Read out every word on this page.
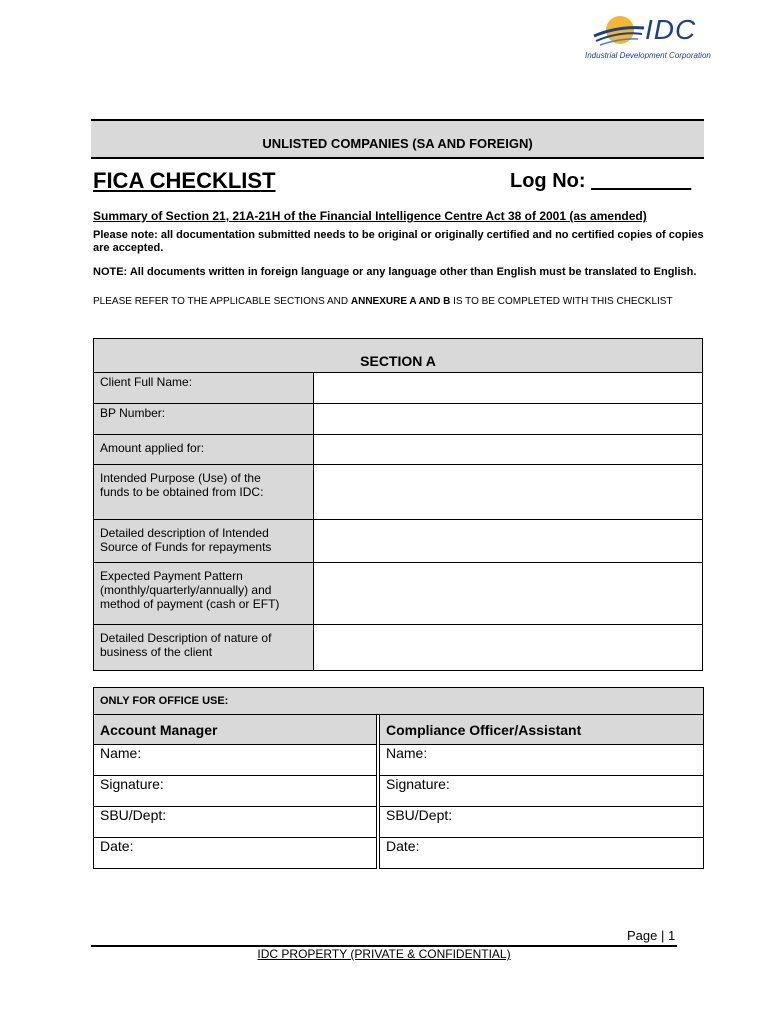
IDC
Industrial Development Corporation
UNLISTED COMPANIES (SA AND FOREIGN)
FICA CHECKLIST	Log No: _________
Summary of Section 21, 21A-21H of the Financial Intelligence Centre Act 38 of 2001 (as amended)
Please note: all documentation submitted needs to be original or originally certified and no certified copies of copies are accepted.
NOTE: All documents written in foreign language or any language other than English must be translated to English.
PLEASE REFER TO THE APPLICABLE SECTIONS AND ANNEXURE A AND B IS TO BE COMPLETED WITH THIS CHECKLIST
SECTION A
Client Full Name:
BP Number:
Amount applied for:
Intended Purpose (Use) of the funds to be obtained from IDC:
Detailed description of Intended Source of Funds for repayments
Expected Payment Pattern (monthly/quarterly/annually) and method of payment (cash or EFT)
Detailed Description of nature of business of the client
ONLY FOR OFFICE USE:
Account Manager
Name:
Signature:
SBU/Dept:
Date:
Compliance Officer/Assistant
Name:
Signature:
SBU/Dept:
Date:
Page | 1
IDC PROPERTY (PRIVATE & CONFIDENTIAL)
